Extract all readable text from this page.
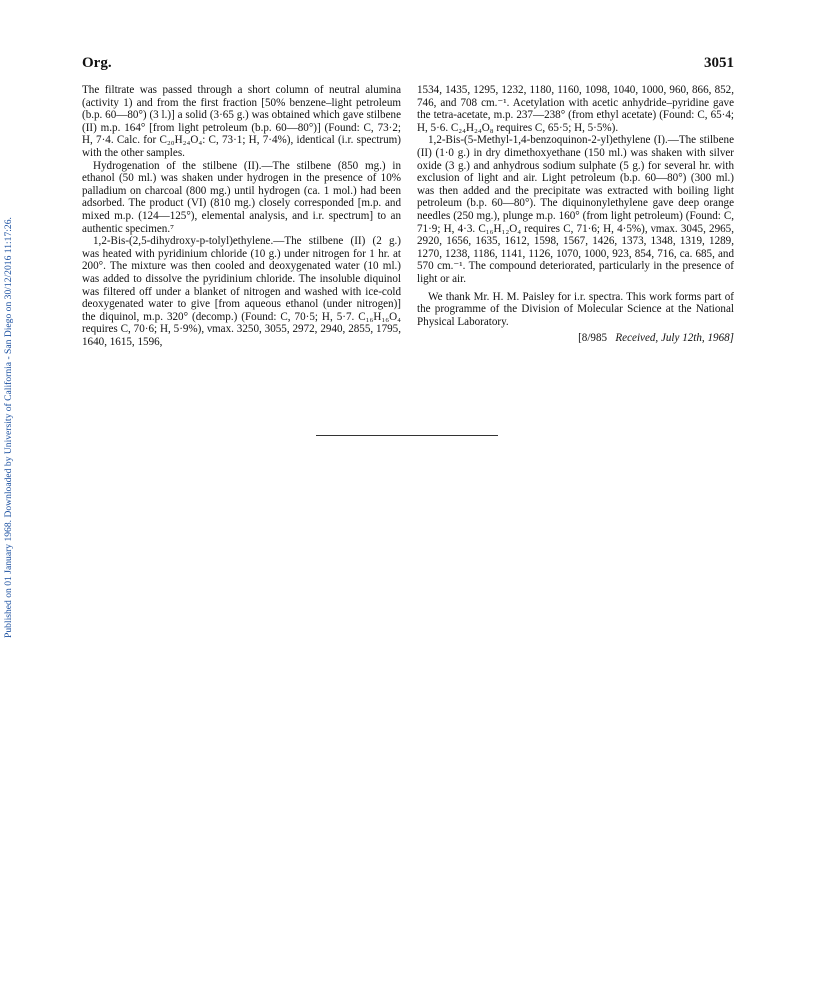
Published on 01 January 1968. Downloaded by University of California - San Diego on 30/12/2016 11:17:26.
Org.	3051

The filtrate was passed through a short column of neutral alumina (activity 1) and from the first fraction [50% benzene–light petroleum (b.p. 60—80°) (3 l.)] a solid (3·65 g.) was obtained which gave stilbene (II) m.p. 164° [from light petroleum (b.p. 60—80°)] (Found: C, 73·2; H, 7·4. Calc. for C₂₀H₂₄O₄: C, 73·1; H, 7·4%), identical (i.r. spectrum) with the other samples.

Hydrogenation of the stilbene (II).—The stilbene (850 mg.) in ethanol (50 ml.) was shaken under hydrogen in the presence of 10% palladium on charcoal (800 mg.) until hydrogen (ca. 1 mol.) had been adsorbed. The product (VI) (810 mg.) closely corresponded [m.p. and mixed m.p. (124—125°), elemental analysis, and i.r. spectrum] to an authentic specimen.⁷

1,2-Bis-(2,5-dihydroxy-p-tolyl)ethylene.—The stilbene (II) (2 g.) was heated with pyridinium chloride (10 g.) under nitrogen for 1 hr. at 200°. The mixture was then cooled and deoxygenated water (10 ml.) was added to dissolve the pyridinium chloride. The insoluble diquinol was filtered off under a blanket of nitrogen and washed with ice-cold deoxygenated water to give [from aqueous ethanol (under nitrogen)] the diquinol, m.p. 320° (decomp.) (Found: C, 70·5; H, 5·7. C₁₆H₁₆O₄ requires C, 70·6; H, 5·9%), νmax. 3250, 3055, 2972, 2940, 2855, 1795, 1640, 1615, 1596,

1534, 1435, 1295, 1232, 1180, 1160, 1098, 1040, 1000, 960, 866, 852, 746, and 708 cm.⁻¹. Acetylation with acetic anhydride–pyridine gave the tetra-acetate, m.p. 237—238° (from ethyl acetate) (Found: C, 65·4; H, 5·6. C₂₄H₂₄O₈ requires C, 65·5; H, 5·5%).

1,2-Bis-(5-Methyl-1,4-benzoquinon-2-yl)ethylene (I).—The stilbene (II) (1·0 g.) in dry dimethoxyethane (150 ml.) was shaken with silver oxide (3 g.) and anhydrous sodium sulphate (5 g.) for several hr. with exclusion of light and air. Light petroleum (b.p. 60—80°) (300 ml.) was then added and the precipitate was extracted with boiling light petroleum (b.p. 60—80°). The diquinonylethylene gave deep orange needles (250 mg.), plunge m.p. 160° (from light petroleum) (Found: C, 71·9; H, 4·3. C₁₆H₁₂O₄ requires C, 71·6; H, 4·5%), νmax. 3045, 2965, 2920, 1656, 1635, 1612, 1598, 1567, 1426, 1373, 1348, 1319, 1289, 1270, 1238, 1186, 1141, 1126, 1070, 1000, 923, 854, 716, ca. 685, and 570 cm.⁻¹. The compound deteriorated, particularly in the presence of light or air.

We thank Mr. H. M. Paisley for i.r. spectra. This work forms part of the programme of the Division of Molecular Science at the National Physical Laboratory.

[8/985 Received, July 12th, 1968]
